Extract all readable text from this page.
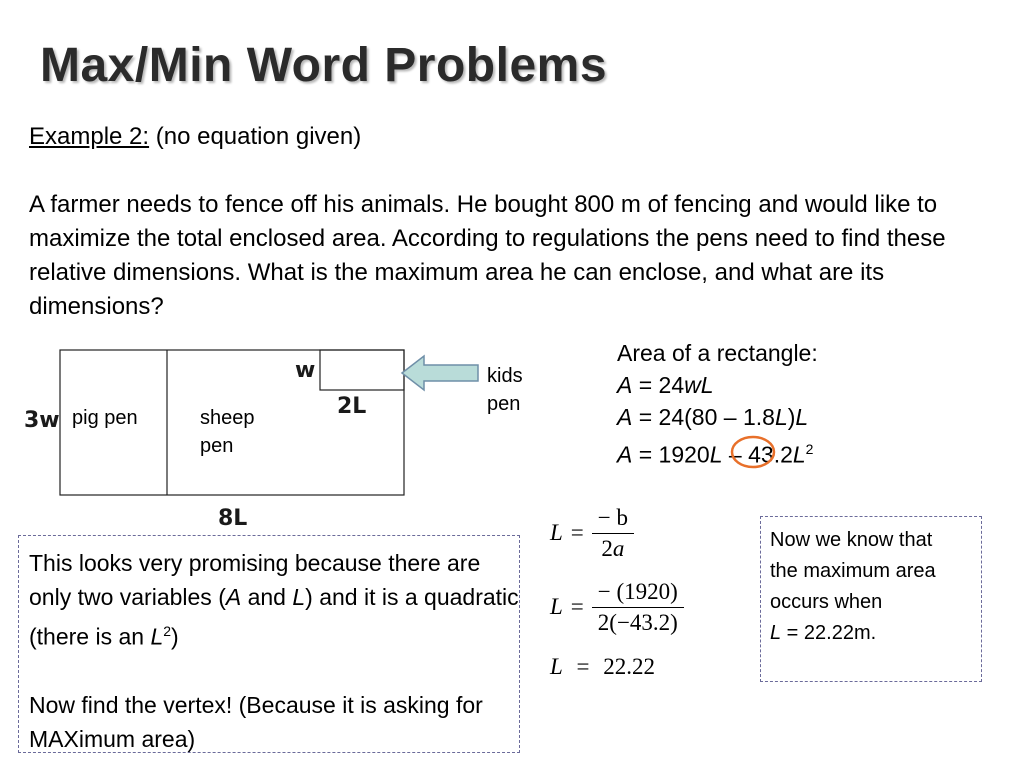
Max/Min Word Problems
Example 2: (no equation given)
A farmer needs to fence off his animals. He bought 800 m of fencing and would like to maximize the total enclosed area. According to regulations the pens need to find these relative dimensions. What is the maximum area he can enclose, and what are its dimensions?
pig pen	sheep
pen
kids
pen
w
2L
3w
8L
Area of a rectangle:
A = 24wL
A = 24(80 – 1.8L)L
$A = 1920L - 43.2L^2$
$L = \frac{- b}{2a}$
$L = \frac{- (1920)}{2(-43.2)}$
L = 22.22
This looks very promising because there are only two variables (A and L) and it is a quadratic (there is an $L^2$)
Now find the vertex! (Because it is asking for MAXimum area)
Now we know that the maximum area occurs when
L = 22.22m.
